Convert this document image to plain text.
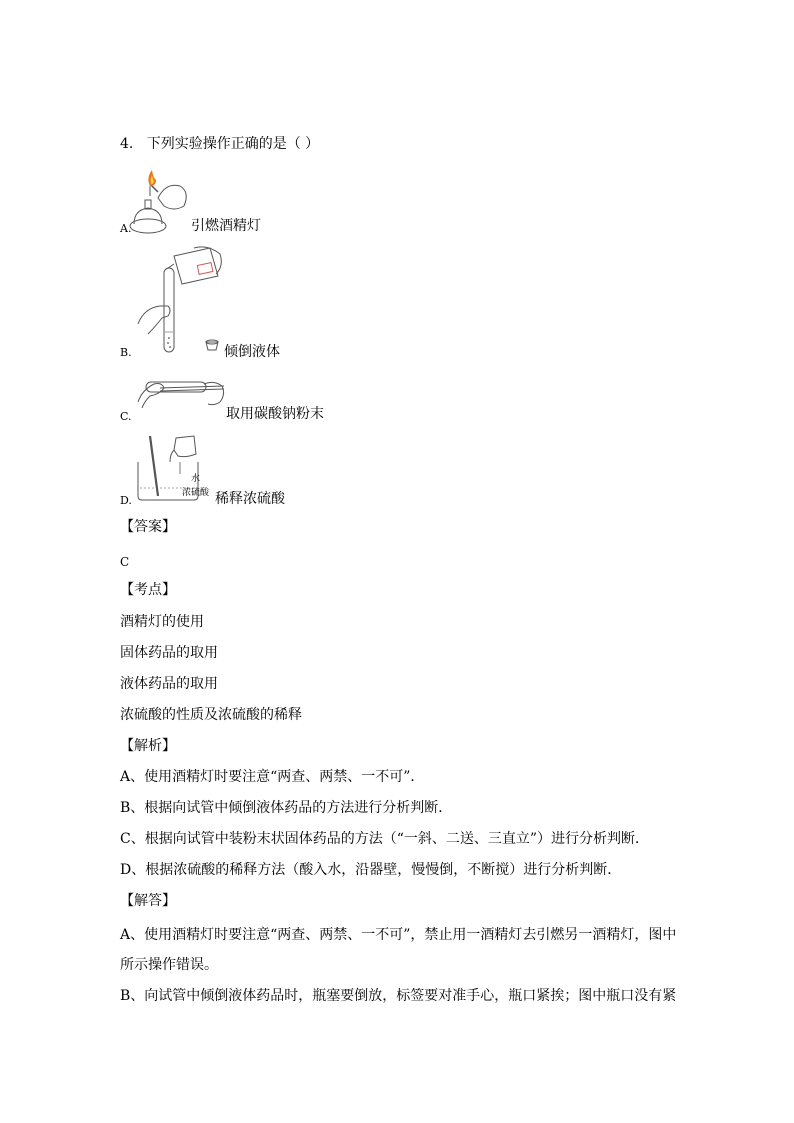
4. 下列实验操作正确的是（ ）
A.	引燃酒精灯
B.	倾倒液体
C.	取用碳酸钠粉末
水
浓硫酸
D.	稀释浓硫酸
【答案】
C
【考点】
酒精灯的使用
固体药品的取用
液体药品的取用
浓硫酸的性质及浓硫酸的稀释
【解析】
A、使用酒精灯时要注意“两查、两禁、一不可”．
B、根据向试管中倾倒液体药品的方法进行分析判断．
C、根据向试管中装粉末状固体药品的方法（“一斜、二送、三直立”）进行分析判断．
D、根据浓硫酸的稀释方法（酸入水，沿器壁，慢慢倒，不断搅）进行分析判断．
【解答】
A、使用酒精灯时要注意“两查、两禁、一不可”，禁止用一酒精灯去引燃另一酒精灯，图中所示操作错误。
B、向试管中倾倒液体药品时，瓶塞要倒放，标签要对准手心，瓶口紧挨；图中瓶口没有紧
